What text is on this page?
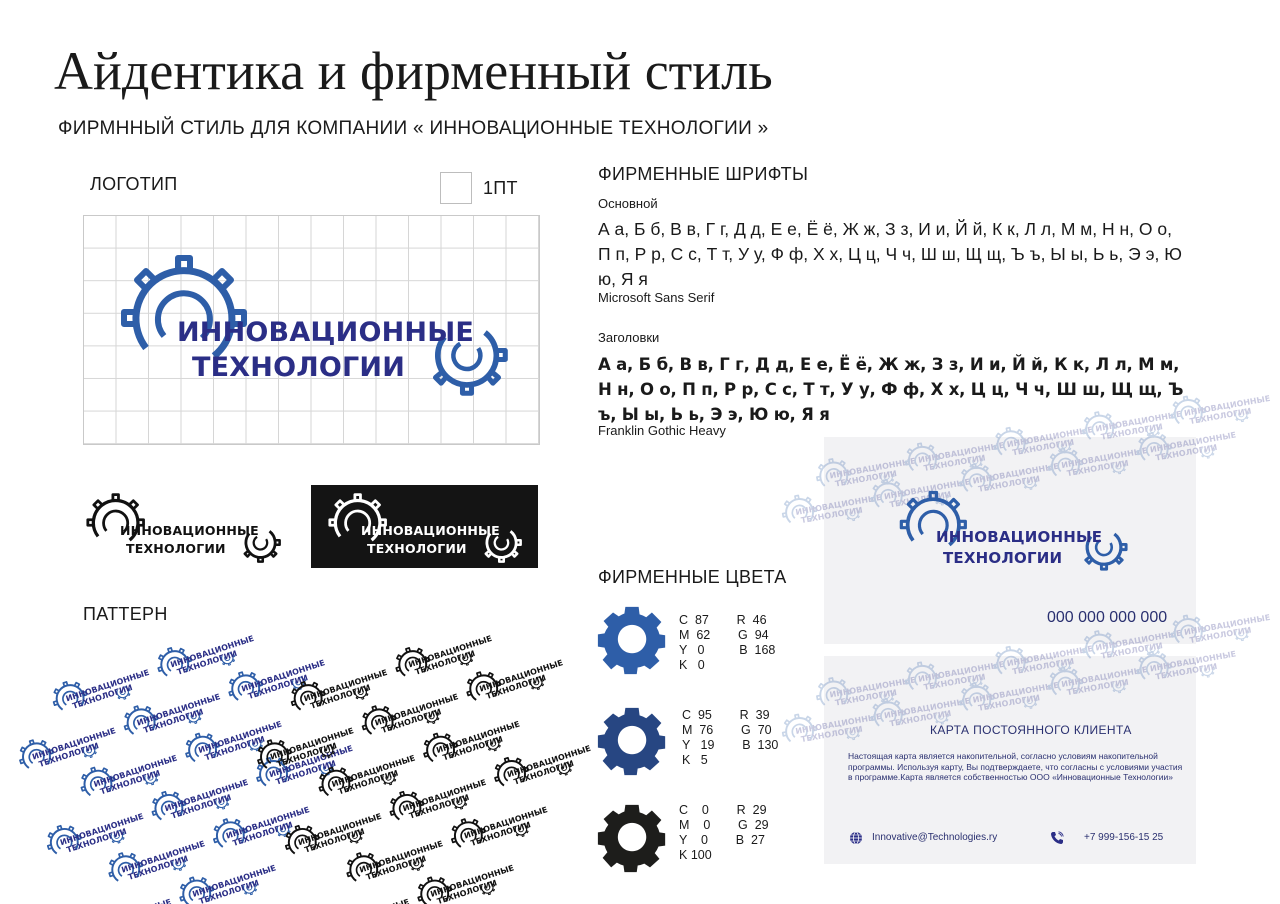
Айдентика и фирменный стиль
ФИРМННЫЙ СТИЛЬ ДЛЯ КОМПАНИИ « ИННОВАЦИОННЫЕ ТЕХНОЛОГИИ »
ЛОГОТИП	1ПТ
ИННОВАЦИОННЫЕ
ТЕХНОЛОГИИ
ИННОВАЦИОННЫЕ
ТЕХНОЛОГИИ
ИННОВАЦИОННЫЕ
ТЕХНОЛОГИИ
ПАТТЕРН
ИННОВАЦИОННЫЕ
ТЕХНОЛОГИИ
ИННОВАЦИОННЫЕ
ТЕХНОЛОГИИ
ФИРМЕННЫЕ ШРИФТЫ
Основной
А а, Б б, В в, Г г, Д д, Е е, Ё ё, Ж ж, З з, И и, Й й, К к, Л л, М м, Н н, О о, П п, Р р, С с, Т т, У у, Ф ф, Х х, Ц ц, Ч ч, Ш ш, Щ щ, Ъ ъ, Ы ы, Ь ь, Э э, Ю ю, Я я
Microsoft Sans Serif
Заголовки
А а, Б б, В в, Г г, Д д, Е е, Ё ё, Ж ж, З з, И и, Й й, К к, Л л, М м, Н н, О о, П п, Р р, С с, Т т, У у, Ф ф, Х х, Ц ц, Ч ч, Ш ш, Щ щ, Ъ ъ, Ы ы, Ь ь, Э э, Ю ю, Я я
Franklin Gothic Heavy
ФИРМЕННЫЕ ЦВЕТА
C  87        R  46
M  62        G  94
Y   0          B  168
K   0
C  95        R  39
M  76        G  70
Y   19        B  130
K   5
C    0        R  29
M    0        G  29
Y    0        B  27
K 100
ИННОВАЦИОННЫЕ
ТЕХНОЛОГИИ
000 000 000 000
КАРТА ПОСТОЯННОГО КЛИЕНТА
Настоящая карта является накопительной, согласно условиям накопительной программы. Используя карту, Вы подтверждаете, что согласны с условиями участия в программе.Карта является собственностью ООО «Инновационные Технологии»
Innovative@Technologies.ry	+7 999-156-15 25
